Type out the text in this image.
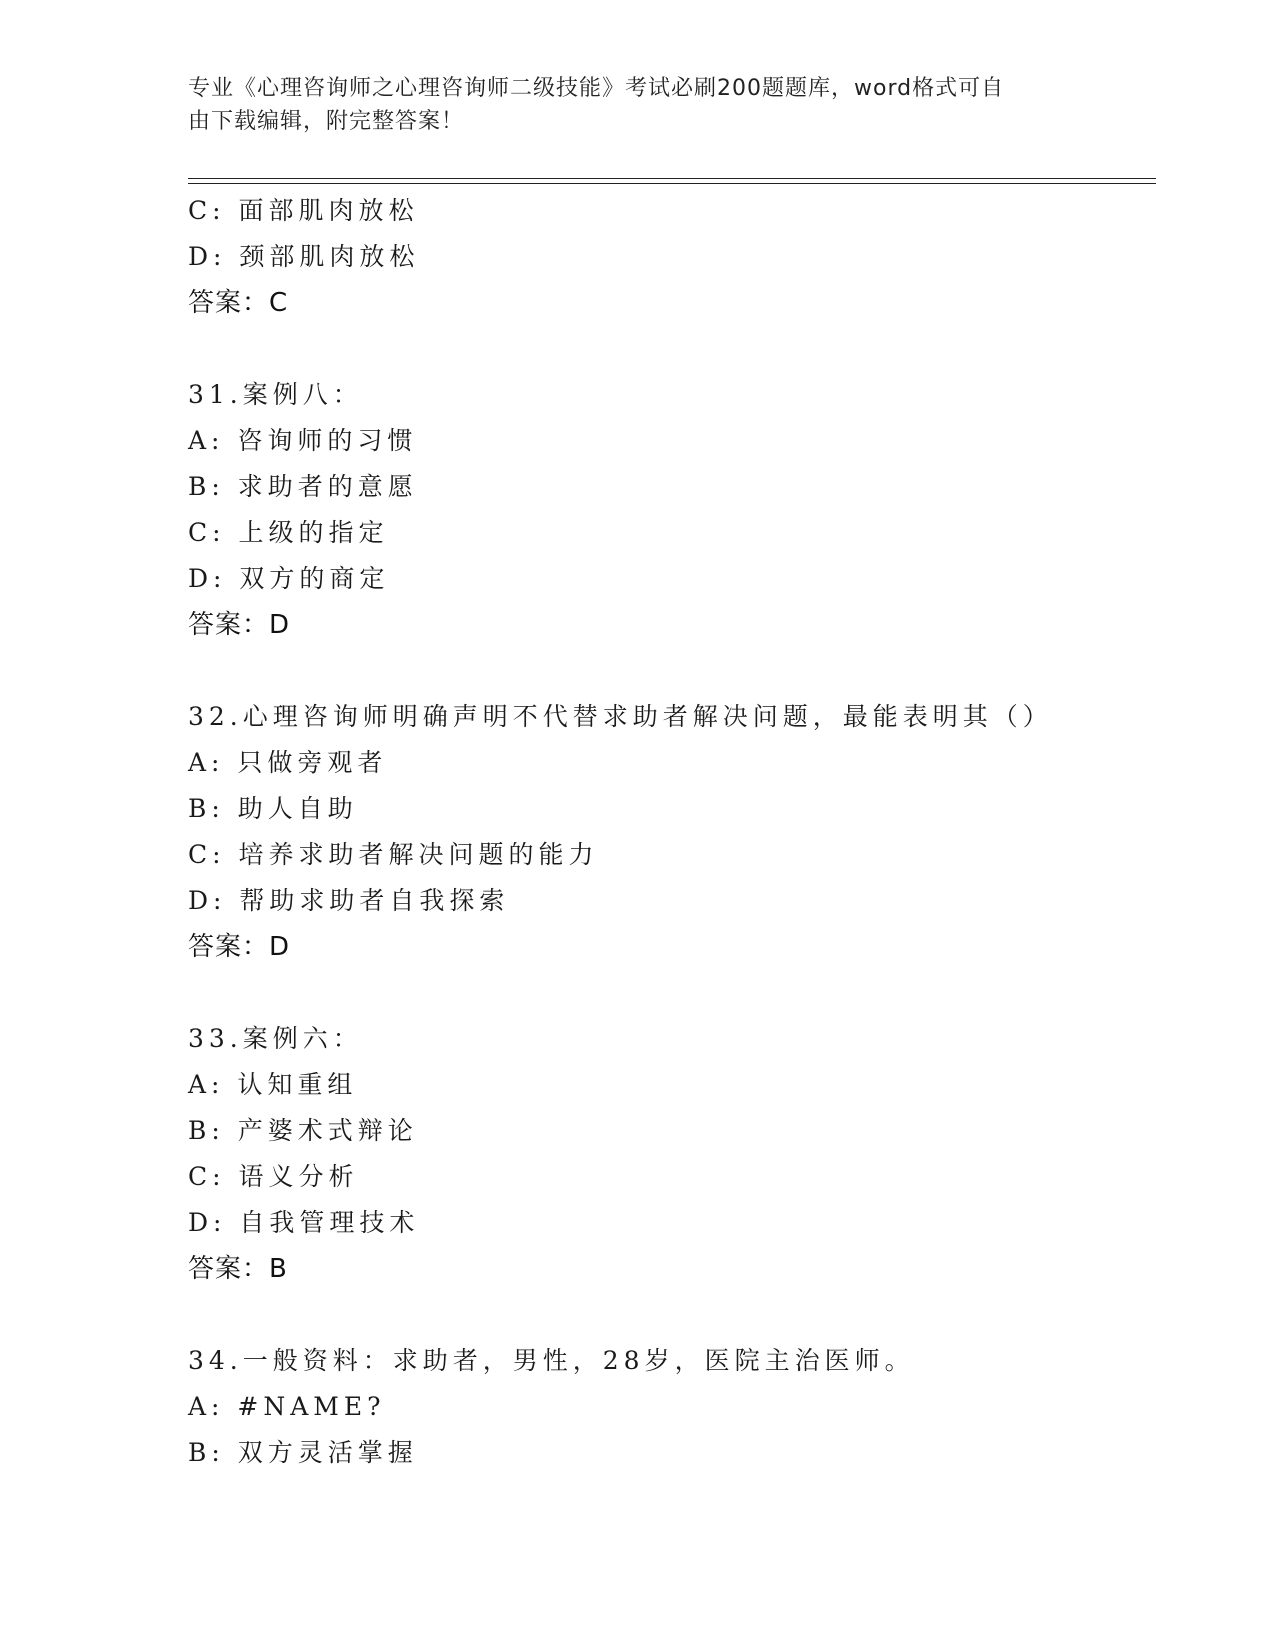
专业《心理咨询师之心理咨询师二级技能》考试必刷200题题库，word格式可自
由下载编辑，附完整答案！
C: 面部肌肉放松
D: 颈部肌肉放松
答案：C
31.案例八：
A: 咨询师的习惯
B: 求助者的意愿
C: 上级的指定
D: 双方的商定
答案：D
32.心理咨询师明确声明不代替求助者解决问题，最能表明其（）
A: 只做旁观者
B: 助人自助
C: 培养求助者解决问题的能力
D: 帮助求助者自我探索
答案：D
33.案例六：
A: 认知重组
B: 产婆术式辩论
C: 语义分析
D: 自我管理技术
答案：B
34.一般资料：求助者，男性，28岁，医院主治医师。
A: #NAME?
B: 双方灵活掌握
